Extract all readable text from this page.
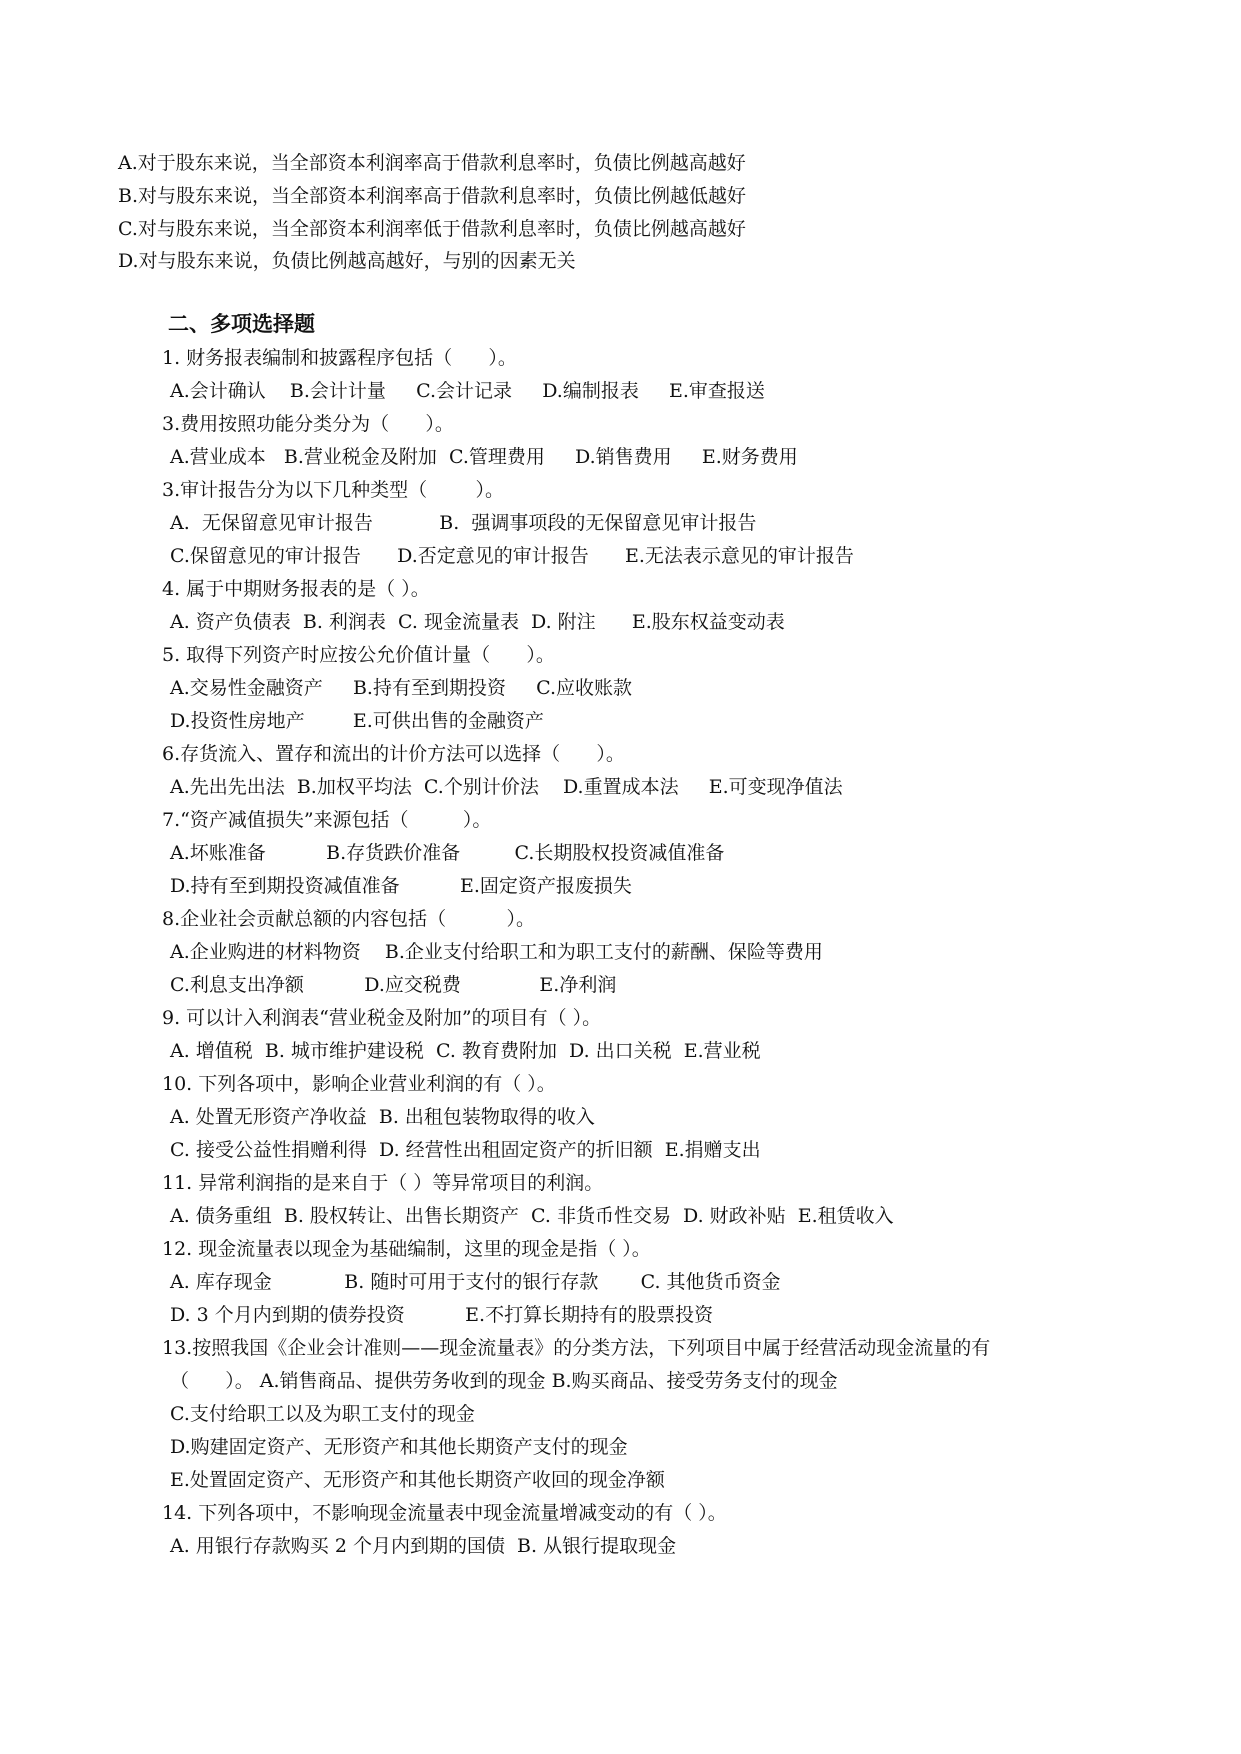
A.对于股东来说，当全部资本利润率高于借款利息率时，负债比例越高越好
B.对与股东来说，当全部资本利润率高于借款利息率时，负债比例越低越好
C.对与股东来说，当全部资本利润率低于借款利息率时，负债比例越高越好
D.对与股东来说，负债比例越高越好，与别的因素无关
二、多项选择题
1. 财务报表编制和披露程序包括（      ）。
A.会计确认    B.会计计量     C.会计记录     D.编制报表     E.审查报送
3.费用按照功能分类分为（      ）。
A.营业成本   B.营业税金及附加  C.管理费用     D.销售费用     E.财务费用
3.审计报告分为以下几种类型（        ）。
A.  无保留意见审计报告           B.  强调事项段的无保留意见审计报告
C.保留意见的审计报告      D.否定意见的审计报告      E.无法表示意见的审计报告
4. 属于中期财务报表的是（ ）。
A. 资产负债表  B. 利润表  C. 现金流量表  D. 附注      E.股东权益变动表
5. 取得下列资产时应按公允价值计量（      ）。
A.交易性金融资产     B.持有至到期投资     C.应收账款
D.投资性房地产        E.可供出售的金融资产
6.存货流入、置存和流出的计价方法可以选择（      ）。
A.先出先出法  B.加权平均法  C.个别计价法    D.重置成本法     E.可变现净值法
7.“资产减值损失”来源包括（         ）。
A.坏账准备          B.存货跌价准备         C.长期股权投资减值准备
D.持有至到期投资减值准备          E.固定资产报废损失
8.企业社会贡献总额的内容包括（          ）。
A.企业购进的材料物资    B.企业支付给职工和为职工支付的薪酬、保险等费用
C.利息支出净额          D.应交税费             E.净利润
9. 可以计入利润表“营业税金及附加”的项目有（ ）。
A. 增值税  B. 城市维护建设税  C. 教育费附加  D. 出口关税  E.营业税
10. 下列各项中，影响企业营业利润的有（ ）。
A. 处置无形资产净收益  B. 出租包装物取得的收入
C. 接受公益性捐赠利得  D. 经营性出租固定资产的折旧额  E.捐赠支出
11. 异常利润指的是来自于（ ）等异常项目的利润。
A. 债务重组  B. 股权转让、出售长期资产  C. 非货币性交易  D. 财政补贴  E.租赁收入
12. 现金流量表以现金为基础编制，这里的现金是指（ ）。
A. 库存现金            B. 随时可用于支付的银行存款       C. 其他货币资金
D. 3 个月内到期的债券投资          E.不打算长期持有的股票投资
13.按照我国《企业会计准则——现金流量表》的分类方法，下列项目中属于经营活动现金流量的有
（      ）。 A.销售商品、提供劳务收到的现金 B.购买商品、接受劳务支付的现金
C.支付给职工以及为职工支付的现金
D.购建固定资产、无形资产和其他长期资产支付的现金
E.处置固定资产、无形资产和其他长期资产收回的现金净额
14. 下列各项中，不影响现金流量表中现金流量增减变动的有（ ）。
A. 用银行存款购买 2 个月内到期的国债  B. 从银行提取现金
